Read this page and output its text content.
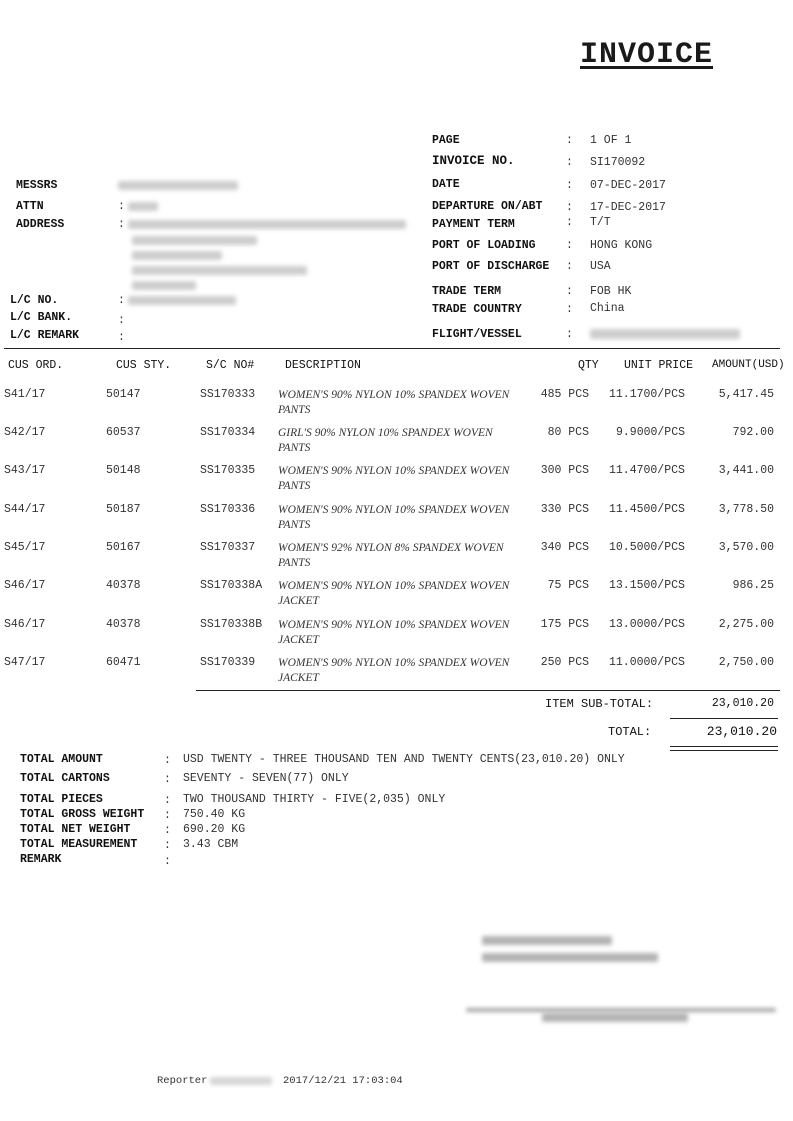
INVOICE
PAGE	: 1 OF 1
INVOICE NO.	: SI170092
DATE	: 07-DEC-2017
DEPARTURE ON/ABT : 17-DEC-2017
PAYMENT TERM	: T/T
PORT OF LOADING	: HONG KONG
PORT OF DISCHARGE : USA
TRADE TERM	: FOB HK
TRADE COUNTRY	: China
FLIGHT/VESSEL	:
MESSRS
ATTN	:
ADDRESS	:
:
L/C NO.
L/C BANK.	:
L/C REMARK	:
CUS ORD.	CUS STY.	S/C NO#	DESCRIPTION	QTY UNIT PRICE AMOUNT(USD)
S41/17	50147	SS170333 WOMEN'S 90% NYLON 10% SPANDEX WOVEN
PANTS
485 PCS 11.1700/PCS	5,417.45
S42/17	60537	SS170334 GIRL'S 90% NYLON 10% SPANDEX WOVEN
PANTS
80 PCS 9.9000/PCS	792.00
S43/17	50148	SS170335 WOMEN'S 90% NYLON 10% SPANDEX WOVEN
PANTS
300 PCS 11.4700/PCS	3,441.00
S44/17	50187	SS170336 WOMEN'S 90% NYLON 10% SPANDEX WOVEN
PANTS
330 PCS 11.4500/PCS	3,778.50
S45/17	50167	SS170337 WOMEN'S 92% NYLON 8% SPANDEX WOVEN
PANTS
340 PCS 10.5000/PCS	3,570.00
S46/17	40378	SS170338A WOMEN'S 90% NYLON 10% SPANDEX WOVEN
JACKET
75 PCS 13.1500/PCS	986.25
S46/17	40378	SS170338B WOMEN'S 90% NYLON 10% SPANDEX WOVEN
JACKET
175 PCS 13.0000/PCS	2,275.00
S47/17	60471	SS170339 WOMEN'S 90% NYLON 10% SPANDEX WOVEN
JACKET
250 PCS 11.0000/PCS	2,750.00
ITEM SUB-TOTAL:	23,010.20
TOTAL:	23,010.20
TOTAL AMOUNT	: USD TWENTY - THREE THOUSAND TEN AND TWENTY CENTS(23,010.20) ONLY
TOTAL CARTONS	: SEVENTY - SEVEN(77) ONLY
TOTAL PIECES	: TWO THOUSAND THIRTY - FIVE(2,035) ONLY
TOTAL GROSS WEIGHT : 750.40 KG
TOTAL NET WEIGHT	: 690.20 KG
TOTAL MEASUREMENT : 3.43 CBM
REMARK	:
Reporter	2017/12/21 17:03:04
